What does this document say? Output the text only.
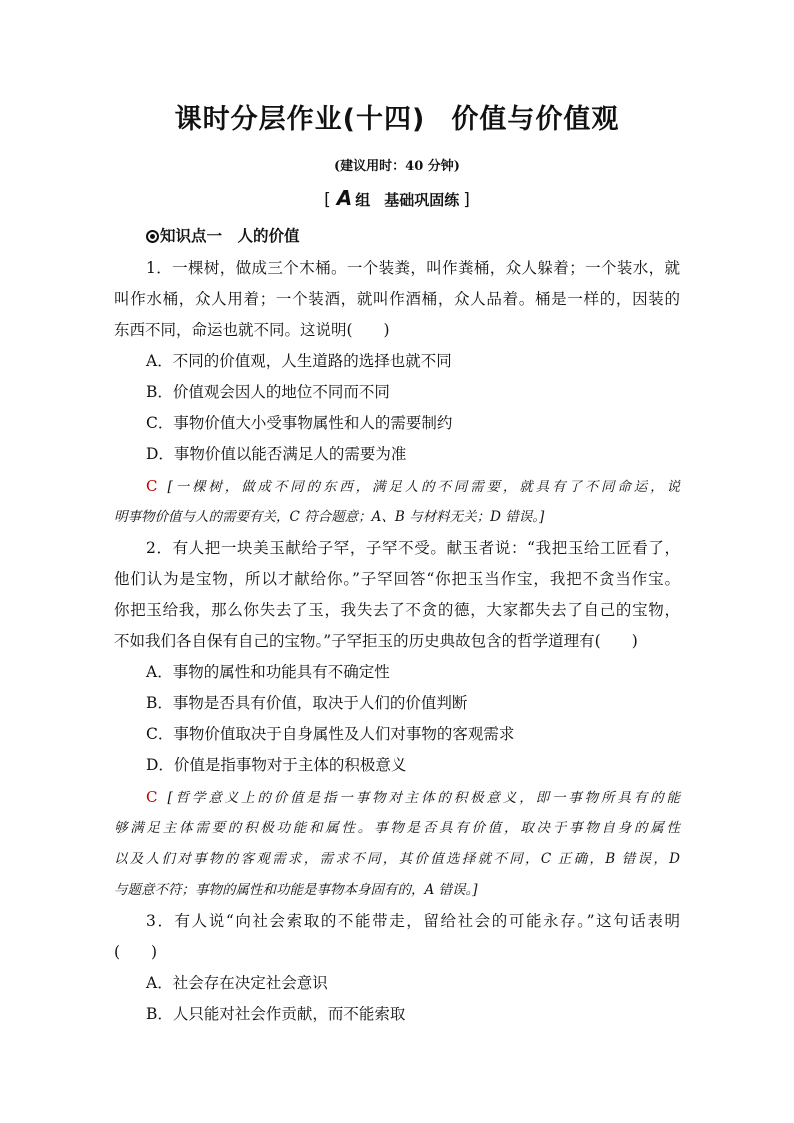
课时分层作业(十四) 价值与价值观
(建议用时：40 分钟)
[ A 组 基础巩固练 ]
知识点一　人的价值
1．一棵树，做成三个木桶。一个装粪，叫作粪桶，众人躲着；一个装水，就
叫作水桶，众人用着；一个装酒，就叫作酒桶，众人品着。桶是一样的，因装的
东西不同，命运也就不同。这说明(　　)
A．不同的价值观，人生道路的选择也就不同
B．价值观会因人的地位不同而不同
C．事物价值大小受事物属性和人的需要制约
D．事物价值以能否满足人的需要为准
C [一棵树，做成不同的东西，满足人的不同需要，就具有了不同命运，说
明事物价值与人的需要有关，C 符合题意；A、B 与材料无关；D 错误。]
2．有人把一块美玉献给子罕，子罕不受。献玉者说：“我把玉给工匠看了，
他们认为是宝物，所以才献给你。”子罕回答“你把玉当作宝，我把不贪当作宝。
你把玉给我，那么你失去了玉，我失去了不贪的德，大家都失去了自己的宝物，
不如我们各自保有自己的宝物。”子罕拒玉的历史典故包含的哲学道理有(　　)
A．事物的属性和功能具有不确定性
B．事物是否具有价值，取决于人们的价值判断
C．事物价值取决于自身属性及人们对事物的客观需求
D．价值是指事物对于主体的积极意义
C [哲学意义上的价值是指一事物对主体的积极意义，即一事物所具有的能
够满足主体需要的积极功能和属性。事物是否具有价值，取决于事物自身的属性
以及人们对事物的客观需求，需求不同，其价值选择就不同，C 正确，B 错误，D
与题意不符；事物的属性和功能是事物本身固有的，A 错误。]
3．有人说“向社会索取的不能带走，留给社会的可能永存。”这句话表明
(　　)
A．社会存在决定社会意识
B．人只能对社会作贡献，而不能索取
